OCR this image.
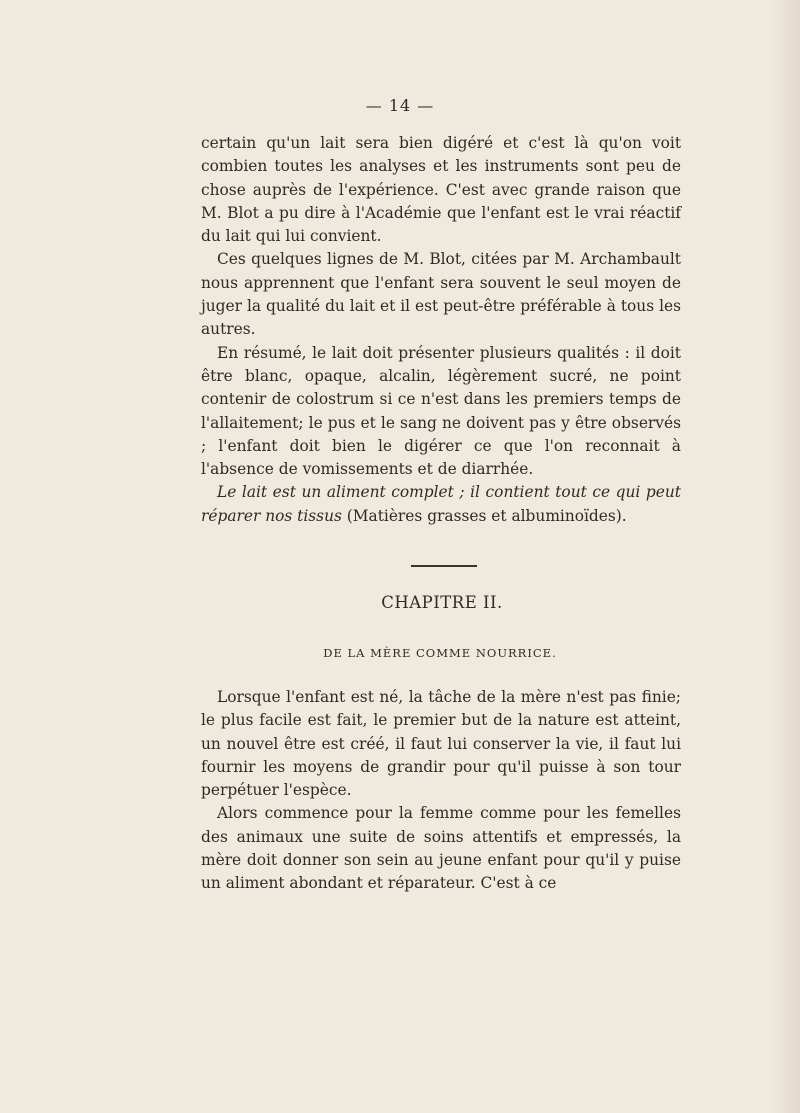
— 14 —

certain qu'un lait sera bien digéré et c'est là qu'on voit combien toutes les analyses et les instruments sont peu de chose auprès de l'expérience. C'est avec grande raison que M. Blot a pu dire à l'Académie que l'enfant est le vrai réactif du lait qui lui convient.

Ces quelques lignes de M. Blot, citées par M. Archambault nous apprennent que l'enfant sera souvent le seul moyen de juger la qualité du lait et il est peut-être préférable à tous les autres.

En résumé, le lait doit présenter plusieurs qualités : il doit être blanc, opaque, alcalin, légèrement sucré, ne point contenir de colostrum si ce n'est dans les premiers temps de l'allaitement; le pus et le sang ne doivent pas y être observés ; l'enfant doit bien le digérer ce que l'on reconnait à l'absence de vomissements et de diarrhée.

Le lait est un aliment complet ; il contient tout ce qui peut réparer nos tissus (Matières grasses et albuminoïdes).

CHAPITRE II.
DE LA MÈRE COMME NOURRICE.

Lorsque l'enfant est né, la tâche de la mère n'est pas finie; le plus facile est fait, le premier but de la nature est atteint, un nouvel être est créé, il faut lui conserver la vie, il faut lui fournir les moyens de grandir pour qu'il puisse à son tour perpétuer l'espèce.

Alors commence pour la femme comme pour les femelles des animaux une suite de soins attentifs et empressés, la mère doit donner son sein au jeune enfant pour qu'il y puise un aliment abondant et réparateur. C'est à ce
